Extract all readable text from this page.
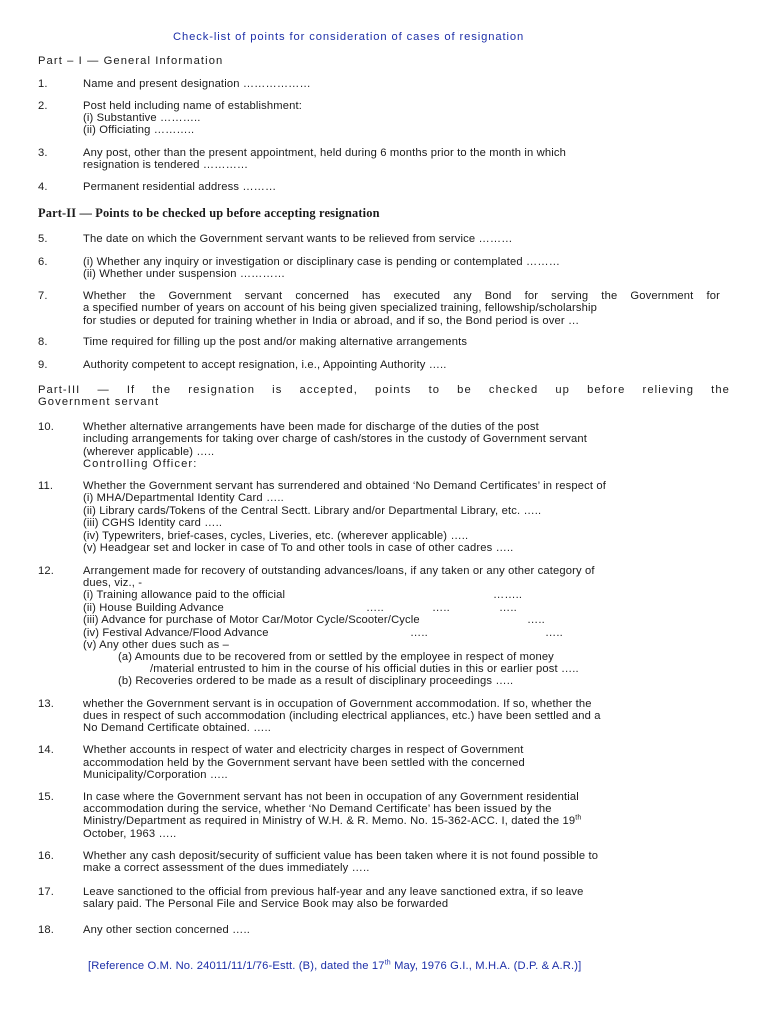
Check-list of points for consideration of cases of resignation
Part – I — General Information
1.	Name and present designation ………………
2.	Post held including name of establishment:
(i) Substantive ………..
(ii) Officiating ………..
3.	Any post, other than the present appointment, held during 6 months prior to the month in which
resignation is tendered …………
4.	Permanent residential address ………
Part-II — Points to be checked up before accepting resignation
5.	The date on which the Government servant wants to be relieved from service ………
6.	(i) Whether any inquiry or investigation or disciplinary case is pending or contemplated ………
(ii) Whether under suspension …………
7.	Whether the Government servant concerned has executed any Bond for serving the Government for
a specified number of years on account of his being given specialized training, fellowship/scholarship
for studies or deputed for training whether in India or abroad, and if so, the Bond period is over …
8.	Time required for filling up the post and/or making alternative arrangements
9.	Authority competent to accept resignation, i.e., Appointing Authority …..
Part-III — If the resignation is accepted, points to be checked up before relieving the
Government servant
10.	Whether alternative arrangements have been made for discharge of the duties of the post
including arrangements for taking over charge of cash/stores in the custody of Government servant
(wherever applicable) …..
Controlling Officer:
11.	Whether the Government servant has surrendered and obtained ‘No Demand Certificates’ in respect of
(i) MHA/Departmental Identity Card …..
(ii) Library cards/Tokens of the Central Sectt. Library and/or Departmental Library, etc. …..
(iii) CGHS Identity card …..
(iv) Typewriters, brief-cases, cycles, Liveries, etc. (wherever applicable) …..
(v) Headgear set and locker in case of To and other tools in case of other cadres …..
12.	Arrangement made for recovery of outstanding advances/loans, if any taken or any other category of
dues, viz., -
(i) Training allowance paid to the official	……..
(ii) House Building Advance	…..	…..	…..
(iii) Advance for purchase of Motor Car/Motor Cycle/Scooter/Cycle	…..
(iv) Festival Advance/Flood Advance	…..	…..
(v) Any other dues such as –
(a) Amounts due to be recovered from or settled by the employee in respect of money
/material entrusted to him in the course of his official duties in this or earlier post …..
(b) Recoveries ordered to be made as a result of disciplinary proceedings …..
13.	whether the Government servant is in occupation of Government accommodation. If so, whether the
dues in respect of such accommodation (including electrical appliances, etc.) have been settled and a
No Demand Certificate obtained. …..
14.	Whether accounts in respect of water and electricity charges in respect of Government
accommodation held by the Government servant have been settled with the concerned
Municipality/Corporation …..
15.	In case where the Government servant has not been in occupation of any Government residential
accommodation during the service, whether ‘No Demand Certificate’ has been issued by the
Ministry/Department as required in Ministry of W.H. & R. Memo. No. 15-362-ACC. I, dated the 19th
October, 1963 …..
16.	Whether any cash deposit/security of sufficient value has been taken where it is not found possible to
make a correct assessment of the dues immediately …..
17.	Leave sanctioned to the official from previous half-year and any leave sanctioned extra, if so leave
salary paid. The Personal File and Service Book may also be forwarded
18.	Any other section concerned …..
[Reference O.M. No. 24011/11/1/76-Estt. (B), dated the 17th May, 1976 G.I., M.H.A. (D.P. & A.R.)]
